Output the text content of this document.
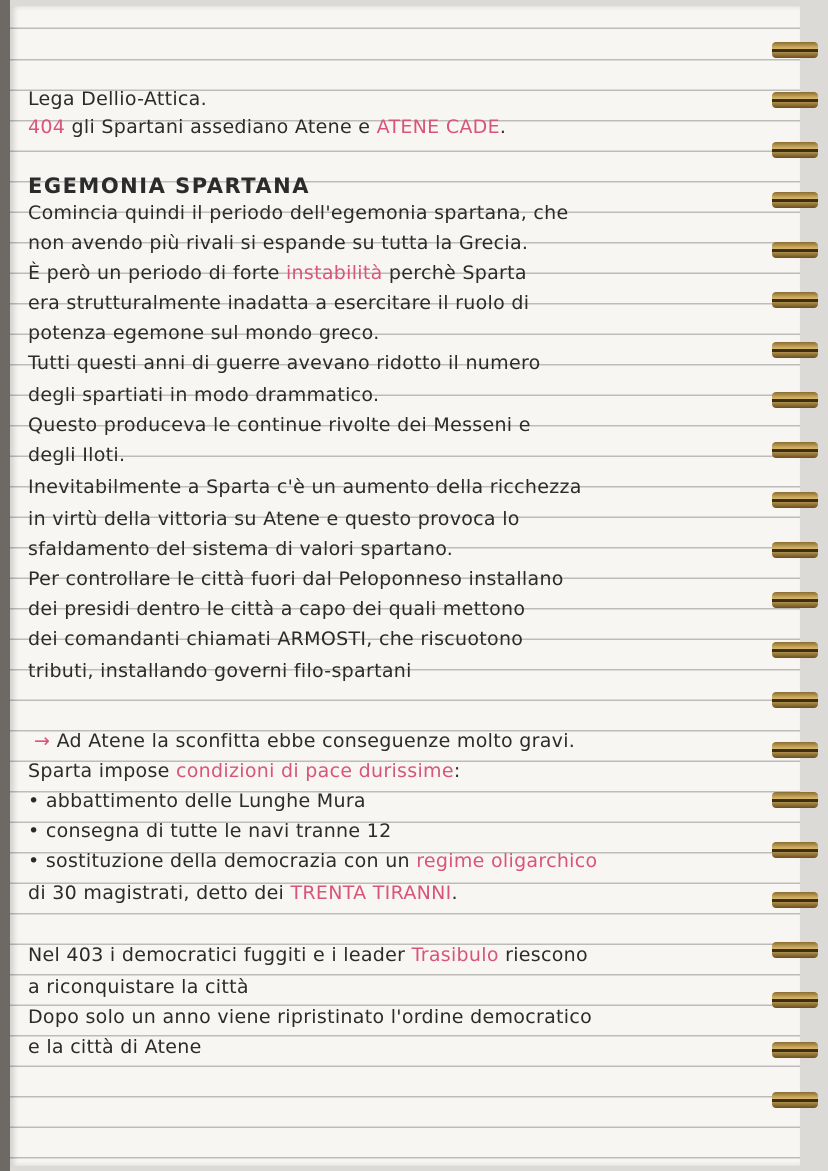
Lega Dellio-Attica.
404 gli Spartani assediano Atene e ATENE CADE.
EGEMONIA SPARTANA
Comincia quindi il periodo dell'egemonia spartana, che
non avendo più rivali si espande su tutta la Grecia.
È però un periodo di forte instabilità perchè Sparta
era strutturalmente inadatta a esercitare il ruolo di
potenza egemone sul mondo greco.
Tutti questi anni di guerre avevano ridotto il numero
degli spartiati in modo drammatico.
Questo produceva le continue rivolte dei Messeni e
degli Iloti.
Inevitabilmente a Sparta c'è un aumento della ricchezza
in virtù della vittoria su Atene e questo provoca lo
sfaldamento del sistema di valori spartano.
Per controllare le città fuori dal Peloponneso installano
dei presidi dentro le città a capo dei quali mettono
dei comandanti chiamati ARMOSTI, che riscuotono
tributi, installando governi filo-spartani
→ Ad Atene la sconfitta ebbe conseguenze molto gravi.
Sparta impose condizioni di pace durissime:
• abbattimento delle Lunghe Mura
• consegna di tutte le navi tranne 12
• sostituzione della democrazia con un regime oligarchico
di 30 magistrati, detto dei TRENTA TIRANNI.
Nel 403 i democratici fuggiti e i leader Trasibulo riescono
a riconquistare la città
Dopo solo un anno viene ripristinato l'ordine democratico
e la città di Atene
